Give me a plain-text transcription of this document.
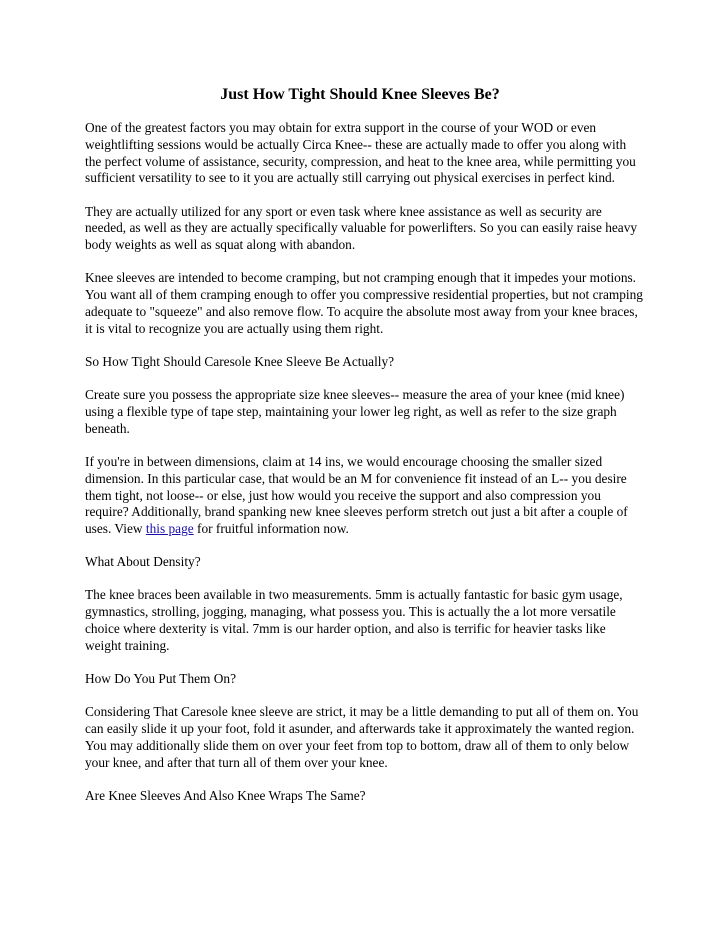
Just How Tight Should Knee Sleeves Be?

One of the greatest factors you may obtain for extra support in the course of your WOD or even weightlifting sessions would be actually Circa Knee-- these are actually made to offer you along with the perfect volume of assistance, security, compression, and heat to the knee area, while permitting you sufficient versatility to see to it you are actually still carrying out physical exercises in perfect kind.

They are actually utilized for any sport or even task where knee assistance as well as security are needed, as well as they are actually specifically valuable for powerlifters. So you can easily raise heavy body weights as well as squat along with abandon.

Knee sleeves are intended to become cramping, but not cramping enough that it impedes your motions. You want all of them cramping enough to offer you compressive residential properties, but not cramping adequate to "squeeze" and also remove flow. To acquire the absolute most away from your knee braces, it is vital to recognize you are actually using them right.

So How Tight Should Caresole Knee Sleeve Be Actually?

Create sure you possess the appropriate size knee sleeves-- measure the area of your knee (mid knee) using a flexible type of tape step, maintaining your lower leg right, as well as refer to the size graph beneath.

If you're in between dimensions, claim at 14 ins, we would encourage choosing the smaller sized dimension. In this particular case, that would be an M for convenience fit instead of an L-- you desire them tight, not loose-- or else, just how would you receive the support and also compression you require? Additionally, brand spanking new knee sleeves perform stretch out just a bit after a couple of uses. View this page for fruitful information now.

What About Density?

The knee braces been available in two measurements. 5mm is actually fantastic for basic gym usage, gymnastics, strolling, jogging, managing, what possess you. This is actually the a lot more versatile choice where dexterity is vital. 7mm is our harder option, and also is terrific for heavier tasks like weight training.

How Do You Put Them On?

Considering That Caresole knee sleeve are strict, it may be a little demanding to put all of them on. You can easily slide it up your foot, fold it asunder, and afterwards take it approximately the wanted region. You may additionally slide them on over your feet from top to bottom, draw all of them to only below your knee, and after that turn all of them over your knee.

Are Knee Sleeves And Also Knee Wraps The Same?
